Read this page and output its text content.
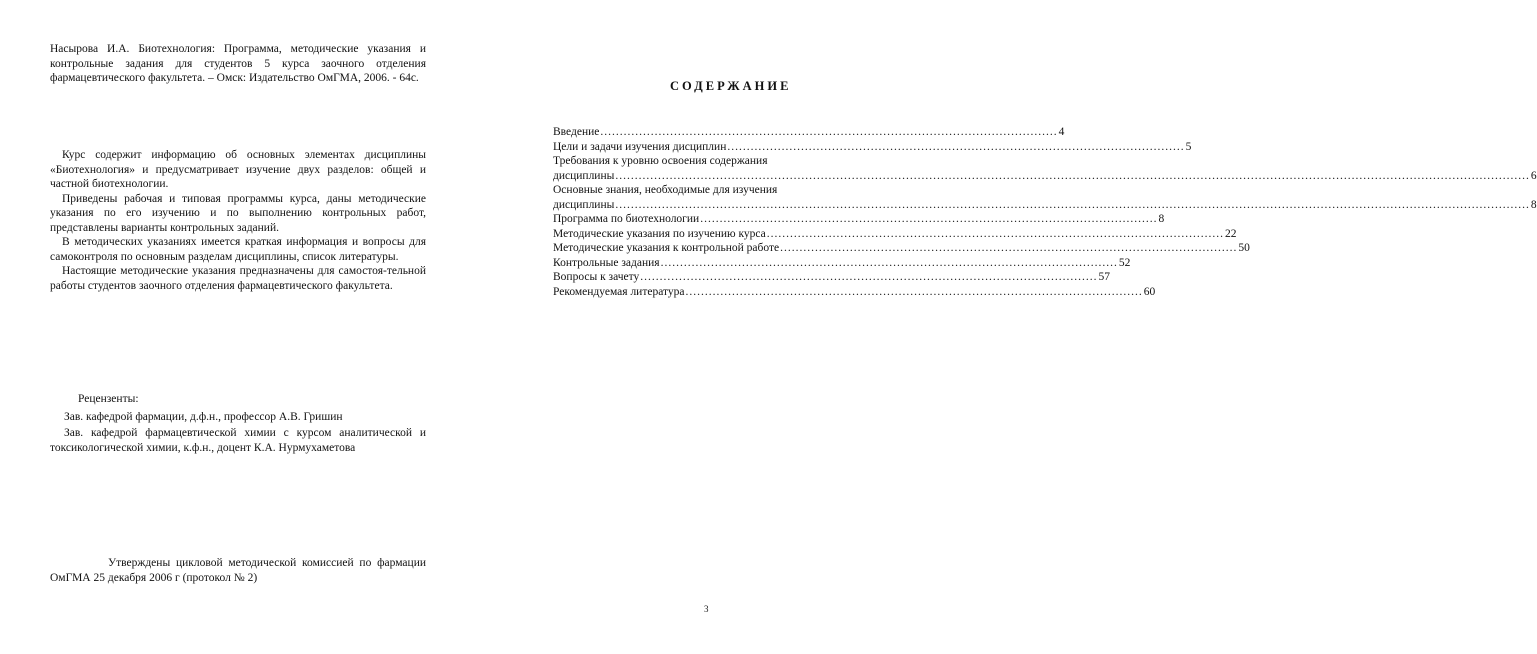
Насырова И.А. Биотехнология: Программа, методические указания и контрольные задания для студентов 5 курса заочного отделения фармацевтического факультета. – Омск: Издательство ОмГМА, 2006. - 64с.

Курс содержит информацию об основных элементах дисциплины «Биотехнология» и предусматривает изучение двух разделов: общей и частной биотехнологии.

Приведены рабочая и типовая программы курса, даны методические указания по его изучению и по выполнению контрольных работ, представлены варианты контрольных заданий.

В методических указаниях имеется краткая информация и вопросы для самоконтроля по основным разделам дисциплины, список литературы.

Настоящие методические указания предназначены для самостоя-тельной работы студентов заочного отделения фармацевтического факультета.

Рецензенты:

Зав. кафедрой фармации, д.ф.н., профессор А.В. Гришин

Зав. кафедрой фармацевтической химии с курсом аналитической и токсикологической химии, к.ф.н., доцент К.А. Нурмухаметова

Утверждены цикловой методической комиссией по фармации ОмГМА 25 декабря 2006 г (протокол № 2)

СОДЕРЖАНИЕ
Введение .....	4
Цели и задачи изучения дисциплин .....	5
Требования к уровню освоения содержания
дисциплины ...................................................................................................................... .....	6
Основные знания, необходимые для изучения
дисциплины ...................................................................................................................... .....	8
Программа по биотехнологии .....	8
Методические указания по изучению курса .....	22
Методические указания к контрольной работе .....	50
Контрольные задания .....	52
Вопросы к зачету .....	57
Рекомендуемая литература .....	60
3
